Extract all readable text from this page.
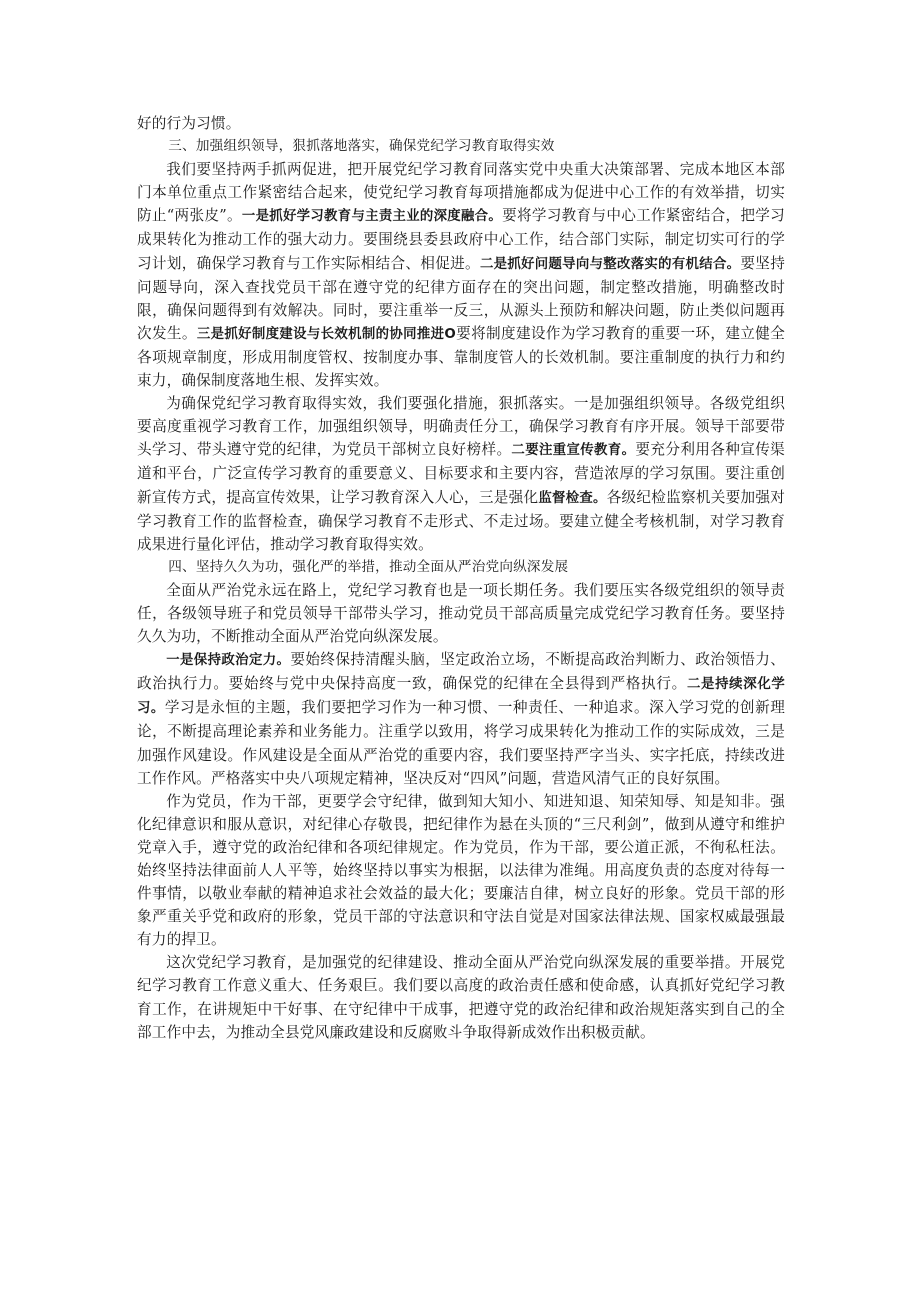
好的行为习惯。

三、加强组织领导，狠抓落地落实，确保党纪学习教育取得实效

我们要坚持两手抓两促进，把开展党纪学习教育同落实党中央重大决策部署、完成本地区本部门本单位重点工作紧密结合起来，使党纪学习教育每项措施都成为促进中心工作的有效举措，切实防止“两张皮”。一是抓好学习教育与主责主业的深度融合。要将学习教育与中心工作紧密结合，把学习成果转化为推动工作的强大动力。要围绕县委县政府中心工作，结合部门实际，制定切实可行的学习计划，确保学习教育与工作实际相结合、相促进。二是抓好问题导向与整改落实的有机结合。要坚持问题导向，深入查找党员干部在遵守党的纪律方面存在的突出问题，制定整改措施，明确整改时限，确保问题得到有效解决。同时，要注重举一反三，从源头上预防和解决问题，防止类似问题再次发生。三是抓好制度建设与长效机制的协同推进O要将制度建设作为学习教育的重要一环，建立健全各项规章制度，形成用制度管权、按制度办事、靠制度管人的长效机制。要注重制度的执行力和约束力，确保制度落地生根、发挥实效。

为确保党纪学习教育取得实效，我们要强化措施，狠抓落实。一是加强组织领导。各级党组织要高度重视学习教育工作，加强组织领导，明确责任分工，确保学习教育有序开展。领导干部要带头学习、带头遵守党的纪律，为党员干部树立良好榜样。二要注重宣传教育。要充分利用各种宣传渠道和平台，广泛宣传学习教育的重要意义、目标要求和主要内容，营造浓厚的学习氛围。要注重创新宣传方式，提高宣传效果，让学习教育深入人心，三是强化监督检查。各级纪检监察机关要加强对学习教育工作的监督检查，确保学习教育不走形式、不走过场。要建立健全考核机制，对学习教育成果进行量化评估，推动学习教育取得实效。

四、坚持久久为功，强化严的举措，推动全面从严治党向纵深发展

全面从严治党永远在路上，党纪学习教育也是一项长期任务。我们要压实各级党组织的领导责任，各级领导班子和党员领导干部带头学习，推动党员干部高质量完成党纪学习教育任务。要坚持久久为功，不断推动全面从严治党向纵深发展。

一是保持政治定力。要始终保持清醒头脑，坚定政治立场，不断提高政治判断力、政治领悟力、政治执行力。要始终与党中央保持高度一致，确保党的纪律在全县得到严格执行。二是持续深化学习。学习是永恒的主题，我们要把学习作为一种习惯、一种责任、一种追求。深入学习党的创新理论，不断提高理论素养和业务能力。注重学以致用，将学习成果转化为推动工作的实际成效，三是加强作风建设。作风建设是全面从严治党的重要内容，我们要坚持严字当头、实字托底，持续改进工作作风。严格落实中央八项规定精神，坚决反对“四风”问题，营造风清气正的良好氛围。

作为党员，作为干部，更要学会守纪律，做到知大知小、知进知退、知荣知辱、知是知非。强化纪律意识和服从意识，对纪律心存敬畏，把纪律作为悬在头顶的“三尺利剑”，做到从遵守和维护党章入手，遵守党的政治纪律和各项纪律规定。作为党员，作为干部，要公道正派，不徇私枉法。始终坚持法律面前人人平等，始终坚持以事实为根据，以法律为准绳。用高度负责的态度对待每一件事情，以敬业奉献的精神追求社会效益的最大化；要廉洁自律，树立良好的形象。党员干部的形象严重关乎党和政府的形象，党员干部的守法意识和守法自觉是对国家法律法规、国家权威最强最有力的捍卫。

这次党纪学习教育，是加强党的纪律建设、推动全面从严治党向纵深发展的重要举措。开展党纪学习教育工作意义重大、任务艰巨。我们要以高度的政治责任感和使命感，认真抓好党纪学习教育工作，在讲规矩中干好事、在守纪律中干成事，把遵守党的政治纪律和政治规矩落实到自己的全部工作中去，为推动全县党风廉政建设和反腐败斗争取得新成效作出积极贡献。
